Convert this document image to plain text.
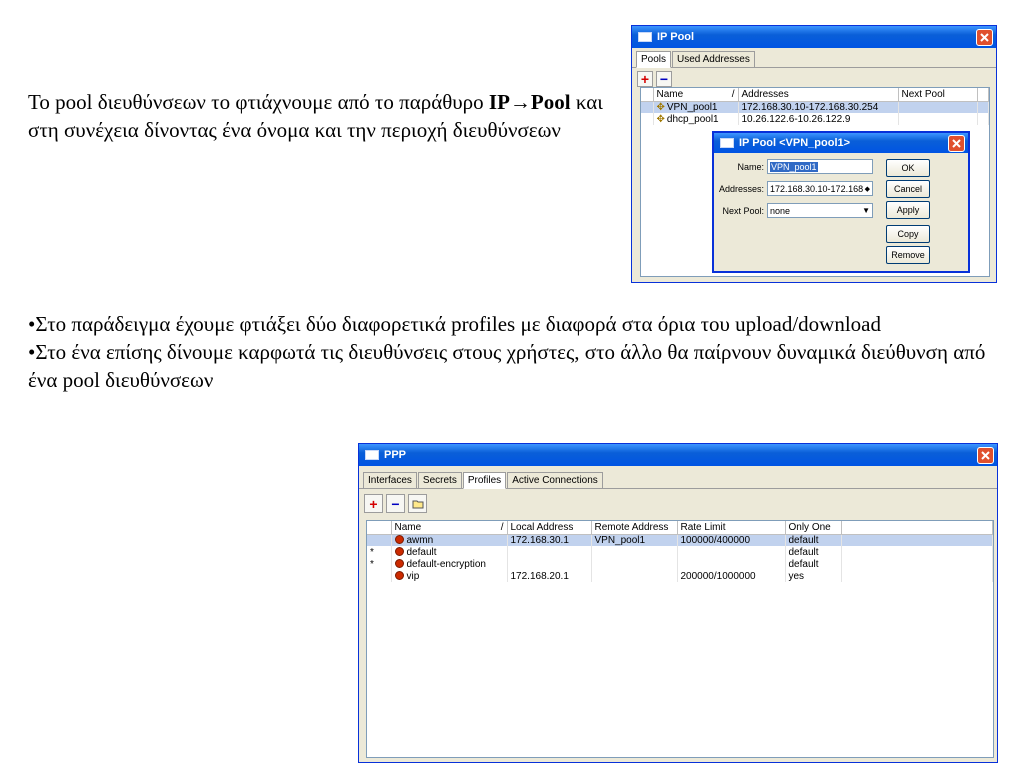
Το pool διευθύνσεων το φτιάχνουμε από το παράθυρο IP→Pool και στη συνέχεια δίνοντας ένα όνομα και την περιοχή διευθύνσεων

•Στο παράδειγμα έχουμε φτιάξει δύο διαφορετικά profiles με διαφορά στα όρια του upload/download

•Στο ένα επίσης δίνουμε καρφωτά τις διευθύνσεις στους χρήστες, στο άλλο θα παίρνουν δυναμικά διεύθυνση από ένα pool διευθύνσεων

IP Pool
Pools	Used Addresses
+ −
	Name /	Addresses	Next Pool	
	✥ VPN_pool1	172.168.30.10-172.168.30.254		
	✥ dhcp_pool1	10.26.122.6-10.26.122.9		
IP Pool <VPN_pool1>
Name: VPN_pool1
Addresses: 172.168.30.10-172.168 ◆
Next Pool: none	▼
OK
Cancel
Apply
Copy
Remove
PPP
Interfaces	Secrets	Profiles	Active Connections
+ −
	Name /	Local Address	Remote Address	Rate Limit	Only One	
	awmn	172.168.30.1	VPN_pool1	100000/400000	default	
*	default				default	
*	default-encryption				default	
	vip	172.168.20.1		200000/1000000	yes	
